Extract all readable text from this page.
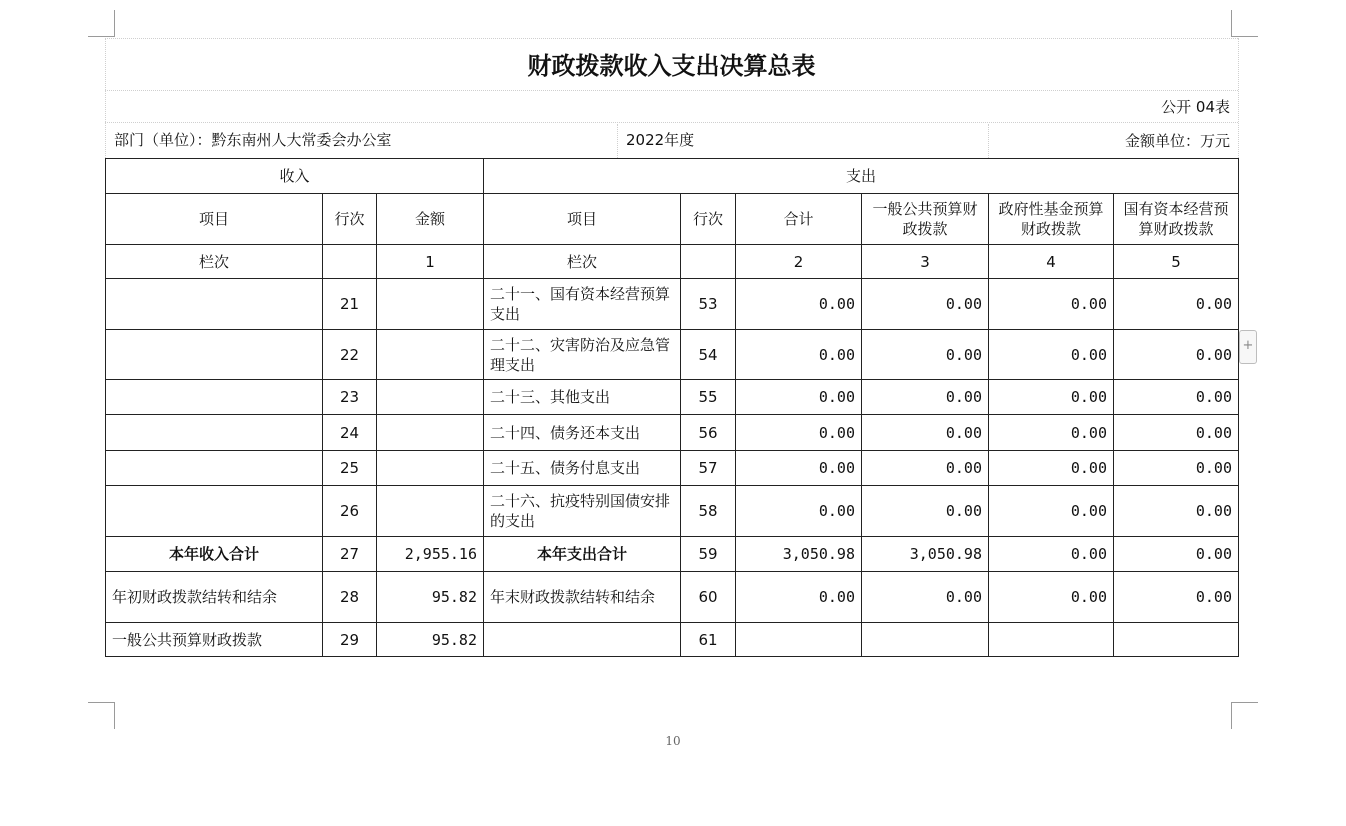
财政拨款收入支出决算总表
公开 04表
部门（单位）：黔东南州人大常委会办公室	2022年度	金额单位：万元
收入			支出					
项目	行次	金额	项目	行次	合计	一般公共预算财政拨款	政府性基金预算财政拨款	国有资本经营预算财政拨款
栏次		1	栏次		2	3	4	5
	21		二十一、国有资本经营预算支出	53	0.00	0.00	0.00	0.00
	22		二十二、灾害防治及应急管理支出	54	0.00	0.00	0.00	0.00
	23		二十三、其他支出	55	0.00	0.00	0.00	0.00
	24		二十四、债务还本支出	56	0.00	0.00	0.00	0.00
	25		二十五、债务付息支出	57	0.00	0.00	0.00	0.00
	26		二十六、抗疫特别国债安排的支出	58	0.00	0.00	0.00	0.00
本年收入合计	27	2,955.16	本年支出合计	59	3,050.98	3,050.98	0.00	0.00
年初财政拨款结转和结余	28	95.82	年末财政拨款结转和结余	60	0.00	0.00	0.00	0.00
一般公共预算财政拨款	29	95.82		61				
+
10
